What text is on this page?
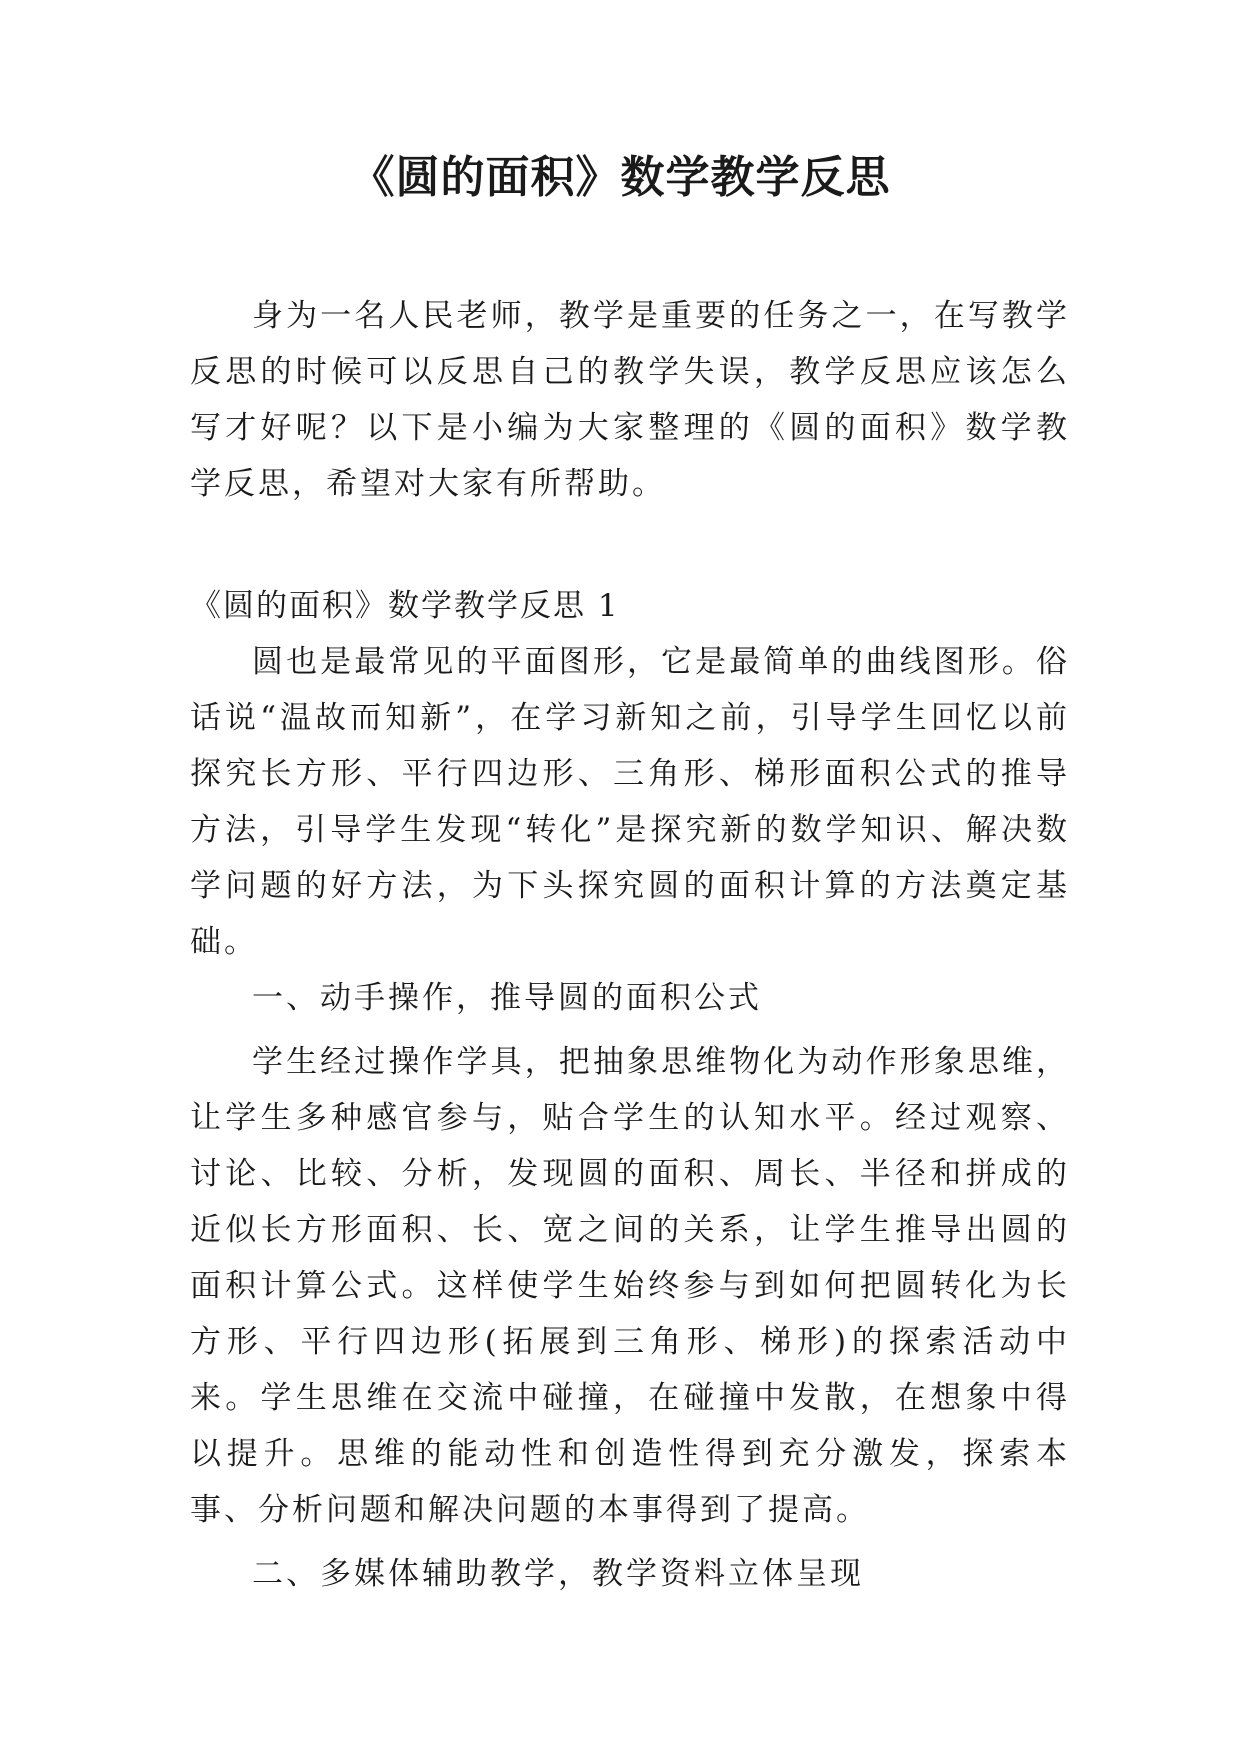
《圆的面积》数学教学反思

身为一名人民老师，教学是重要的任务之一，在写教学反思的时候可以反思自己的教学失误，教学反思应该怎么写才好呢？以下是小编为大家整理的《圆的面积》数学教学反思，希望对大家有所帮助。

《圆的面积》数学教学反思 1

圆也是最常见的平面图形，它是最简单的曲线图形。俗话说“温故而知新”，在学习新知之前，引导学生回忆以前探究长方形、平行四边形、三角形、梯形面积公式的推导方法，引导学生发现“转化”是探究新的数学知识、解决数学问题的好方法，为下头探究圆的面积计算的方法奠定基础。

一、动手操作，推导圆的面积公式

学生经过操作学具，把抽象思维物化为动作形象思维，让学生多种感官参与，贴合学生的认知水平。经过观察、讨论、比较、分析，发现圆的面积、周长、半径和拼成的近似长方形面积、长、宽之间的关系，让学生推导出圆的面积计算公式。这样使学生始终参与到如何把圆转化为长方形、平行四边形(拓展到三角形、梯形)的探索活动中来。学生思维在交流中碰撞，在碰撞中发散，在想象中得以提升。思维的能动性和创造性得到充分激发，探索本事、分析问题和解决问题的本事得到了提高。

二、多媒体辅助教学，教学资料立体呈现
